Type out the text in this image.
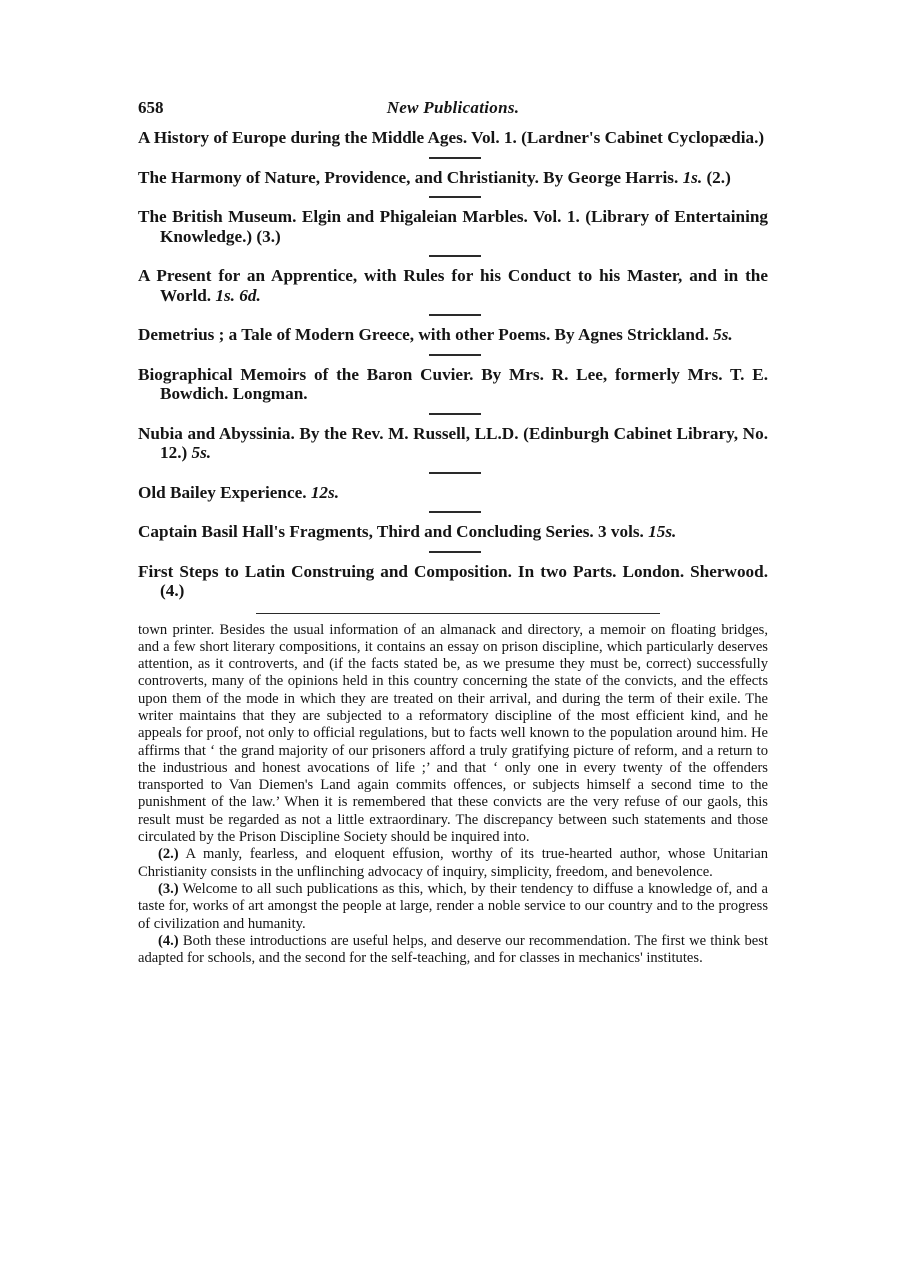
658	New Publications.
A History of Europe during the Middle Ages. Vol. 1. (Lardner's Cabinet Cyclopædia.)
The Harmony of Nature, Providence, and Christianity. By George Harris. 1s. (2.)
The British Museum. Elgin and Phigaleian Marbles. Vol. 1. (Library of Entertaining Knowledge.) (3.)
A Present for an Apprentice, with Rules for his Conduct to his Master, and in the World. 1s. 6d.
Demetrius ; a Tale of Modern Greece, with other Poems. By Agnes Strickland. 5s.
Biographical Memoirs of the Baron Cuvier. By Mrs. R. Lee, formerly Mrs. T. E. Bowdich. Longman.
Nubia and Abyssinia. By the Rev. M. Russell, LL.D. (Edinburgh Cabinet Library, No. 12.) 5s.
Old Bailey Experience. 12s.
Captain Basil Hall's Fragments, Third and Concluding Series. 3 vols. 15s.
First Steps to Latin Construing and Composition. In two Parts. London. Sherwood. (4.)

town printer. Besides the usual information of an almanack and directory, a memoir on floating bridges, and a few short literary compositions, it contains an essay on prison discipline, which particularly deserves attention, as it controverts, and (if the facts stated be, as we presume they must be, correct) successfully controverts, many of the opinions held in this country concerning the state of the convicts, and the effects upon them of the mode in which they are treated on their arrival, and during the term of their exile. The writer maintains that they are subjected to a reformatory discipline of the most efficient kind, and he appeals for proof, not only to official regulations, but to facts well known to the population around him. He affirms that ‘ the grand majority of our prisoners afford a truly gratifying picture of reform, and a return to the industrious and honest avocations of life ;’ and that ‘ only one in every twenty of the offenders transported to Van Diemen's Land again commits offences, or subjects himself a second time to the punishment of the law.’ When it is remembered that these convicts are the very refuse of our gaols, this result must be regarded as not a little extraordinary. The discrepancy between such statements and those circulated by the Prison Discipline Society should be inquired into.

(2.) A manly, fearless, and eloquent effusion, worthy of its true-hearted author, whose Unitarian Christianity consists in the unflinching advocacy of inquiry, simplicity, freedom, and benevolence.

(3.) Welcome to all such publications as this, which, by their tendency to diffuse a knowledge of, and a taste for, works of art amongst the people at large, render a noble service to our country and to the progress of civilization and humanity.

(4.) Both these introductions are useful helps, and deserve our recommendation. The first we think best adapted for schools, and the second for the self-teaching, and for classes in mechanics' institutes.
